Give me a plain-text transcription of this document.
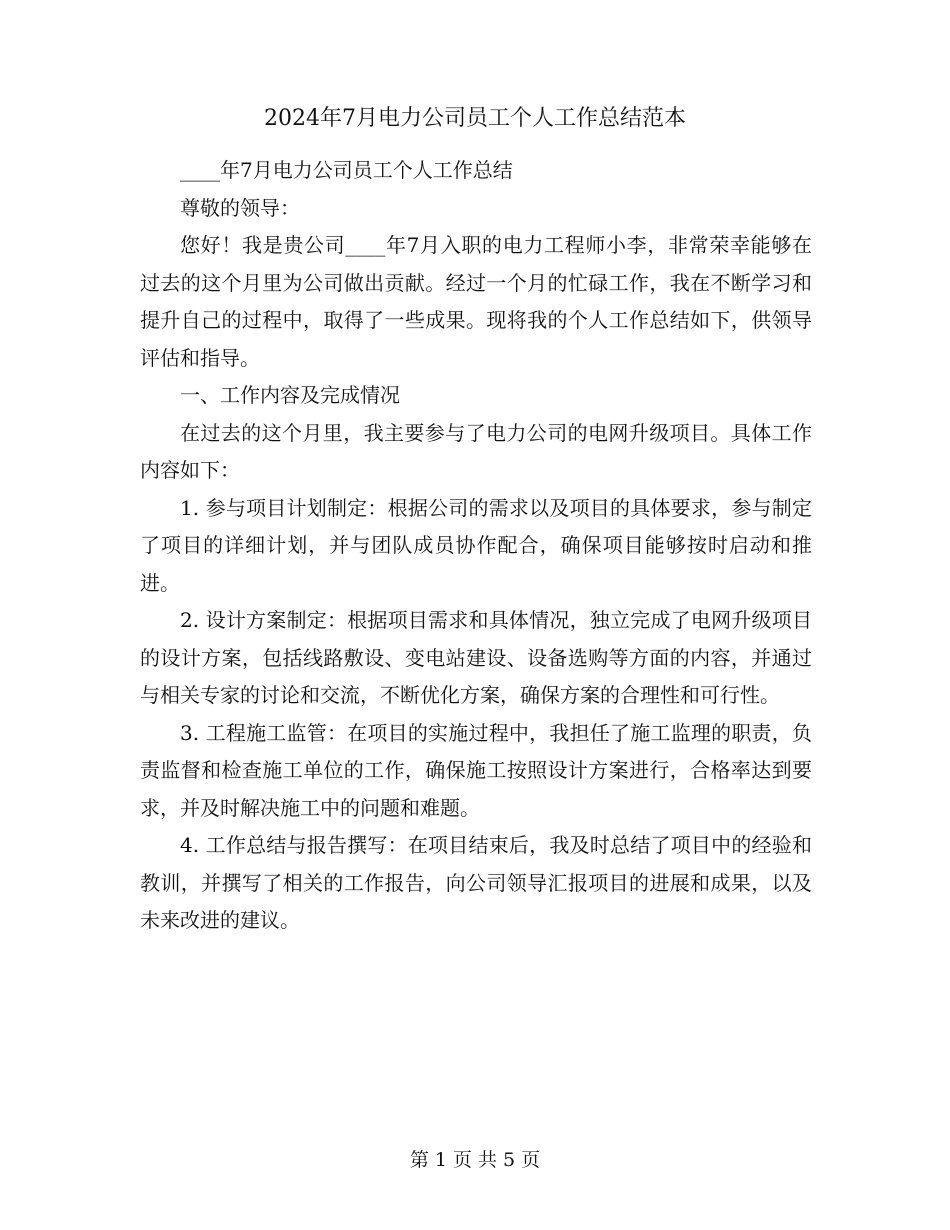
2024年7月电力公司员工个人工作总结范本

____年7月电力公司员工个人工作总结

尊敬的领导：

您好！我是贵公司____年7月入职的电力工程师小李，非常荣幸能够在过去的这个月里为公司做出贡献。经过一个月的忙碌工作，我在不断学习和提升自己的过程中，取得了一些成果。现将我的个人工作总结如下，供领导评估和指导。

一、工作内容及完成情况

在过去的这个月里，我主要参与了电力公司的电网升级项目。具体工作内容如下：

1. 参与项目计划制定：根据公司的需求以及项目的具体要求，参与制定了项目的详细计划，并与团队成员协作配合，确保项目能够按时启动和推进。

2. 设计方案制定：根据项目需求和具体情况，独立完成了电网升级项目的设计方案，包括线路敷设、变电站建设、设备选购等方面的内容，并通过与相关专家的讨论和交流，不断优化方案，确保方案的合理性和可行性。

3. 工程施工监管：在项目的实施过程中，我担任了施工监理的职责，负责监督和检查施工单位的工作，确保施工按照设计方案进行，合格率达到要求，并及时解决施工中的问题和难题。

4. 工作总结与报告撰写：在项目结束后，我及时总结了项目中的经验和教训，并撰写了相关的工作报告，向公司领导汇报项目的进展和成果，以及未来改进的建议。

第 1 页 共 5 页
